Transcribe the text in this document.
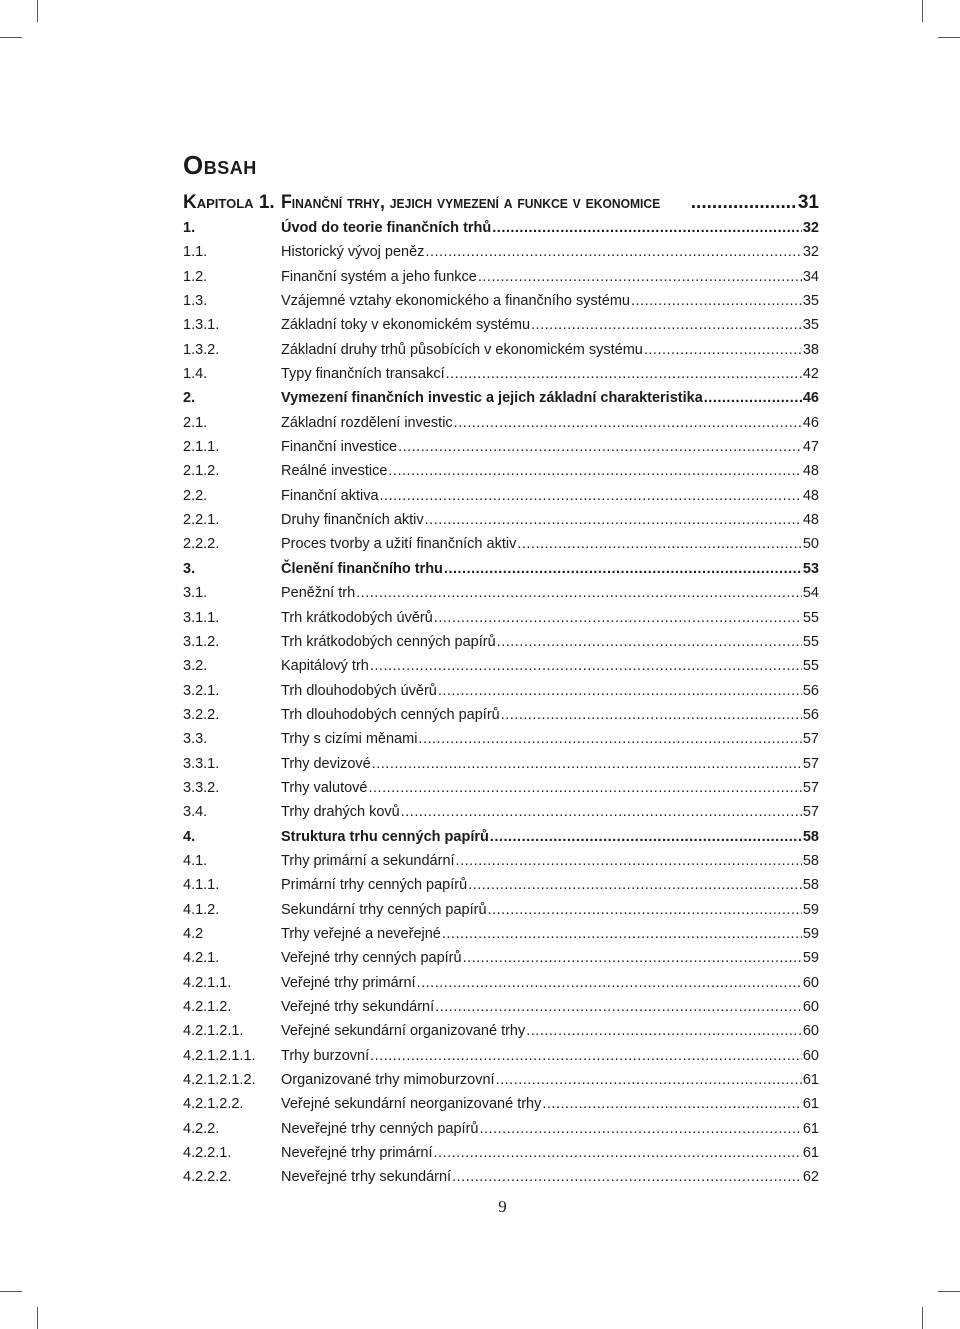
Obsah
Kapitola 1. Finanční trhy, jejich vymezení a funkce v ekonomice .....	31
1.	Úvod do teorie finančních trhů .....	32
1.1.	Historický vývoj peněz .....	32
1.2.	Finanční systém a jeho funkce .....	34
1.3.	Vzájemné vztahy ekonomického a finančního systému .....	35
1.3.1.	Základní toky v ekonomickém systému .....	35
1.3.2.	Základní druhy trhů působících v ekonomickém systému .....	38
1.4.	Typy finančních transakcí .....	42
2.	Vymezení finančních investic a jejich základní charakteristika .....	46
2.1.	Základní rozdělení investic .....	46
2.1.1.	Finanční investice .....	47
2.1.2.	Reálné investice .....	48
2.2.	Finanční aktiva .....	48
2.2.1.	Druhy finančních aktiv .....	48
2.2.2.	Proces tvorby a užití finančních aktiv .....	50
3.	Členění finančního trhu .....	53
3.1.	Peněžní trh .....	54
3.1.1.	Trh krátkodobých úvěrů .....	55
3.1.2.	Trh krátkodobých cenných papírů .....	55
3.2.	Kapitálový trh .....	55
3.2.1.	Trh dlouhodobých úvěrů .....	56
3.2.2.	Trh dlouhodobých cenných papírů .....	56
3.3.	Trhy s cizími měnami .....	57
3.3.1.	Trhy devizové .....	57
3.3.2.	Trhy valutové .....	57
3.4.	Trhy drahých kovů .....	57
4.	Struktura trhu cenných papírů .....	58
4.1.	Trhy primární a sekundární .....	58
4.1.1.	Primární trhy cenných papírů .....	58
4.1.2.	Sekundární trhy cenných papírů .....	59
4.2	Trhy veřejné a neveřejné .....	59
4.2.1.	Veřejné trhy cenných papírů .....	59
4.2.1.1.	Veřejné trhy primární .....	60
4.2.1.2.	Veřejné trhy sekundární .....	60
4.2.1.2.1.	Veřejné sekundární organizované trhy .....	60
4.2.1.2.1.1.	Trhy burzovní .....	60
4.2.1.2.1.2.	Organizované trhy mimoburzovní .....	61
4.2.1.2.2.	Veřejné sekundární neorganizované trhy .....	61
4.2.2.	Neveřejné trhy cenných papírů .....	61
4.2.2.1.	Neveřejné trhy primární .....	61
4.2.2.2.	Neveřejné trhy sekundární .....	62
9
